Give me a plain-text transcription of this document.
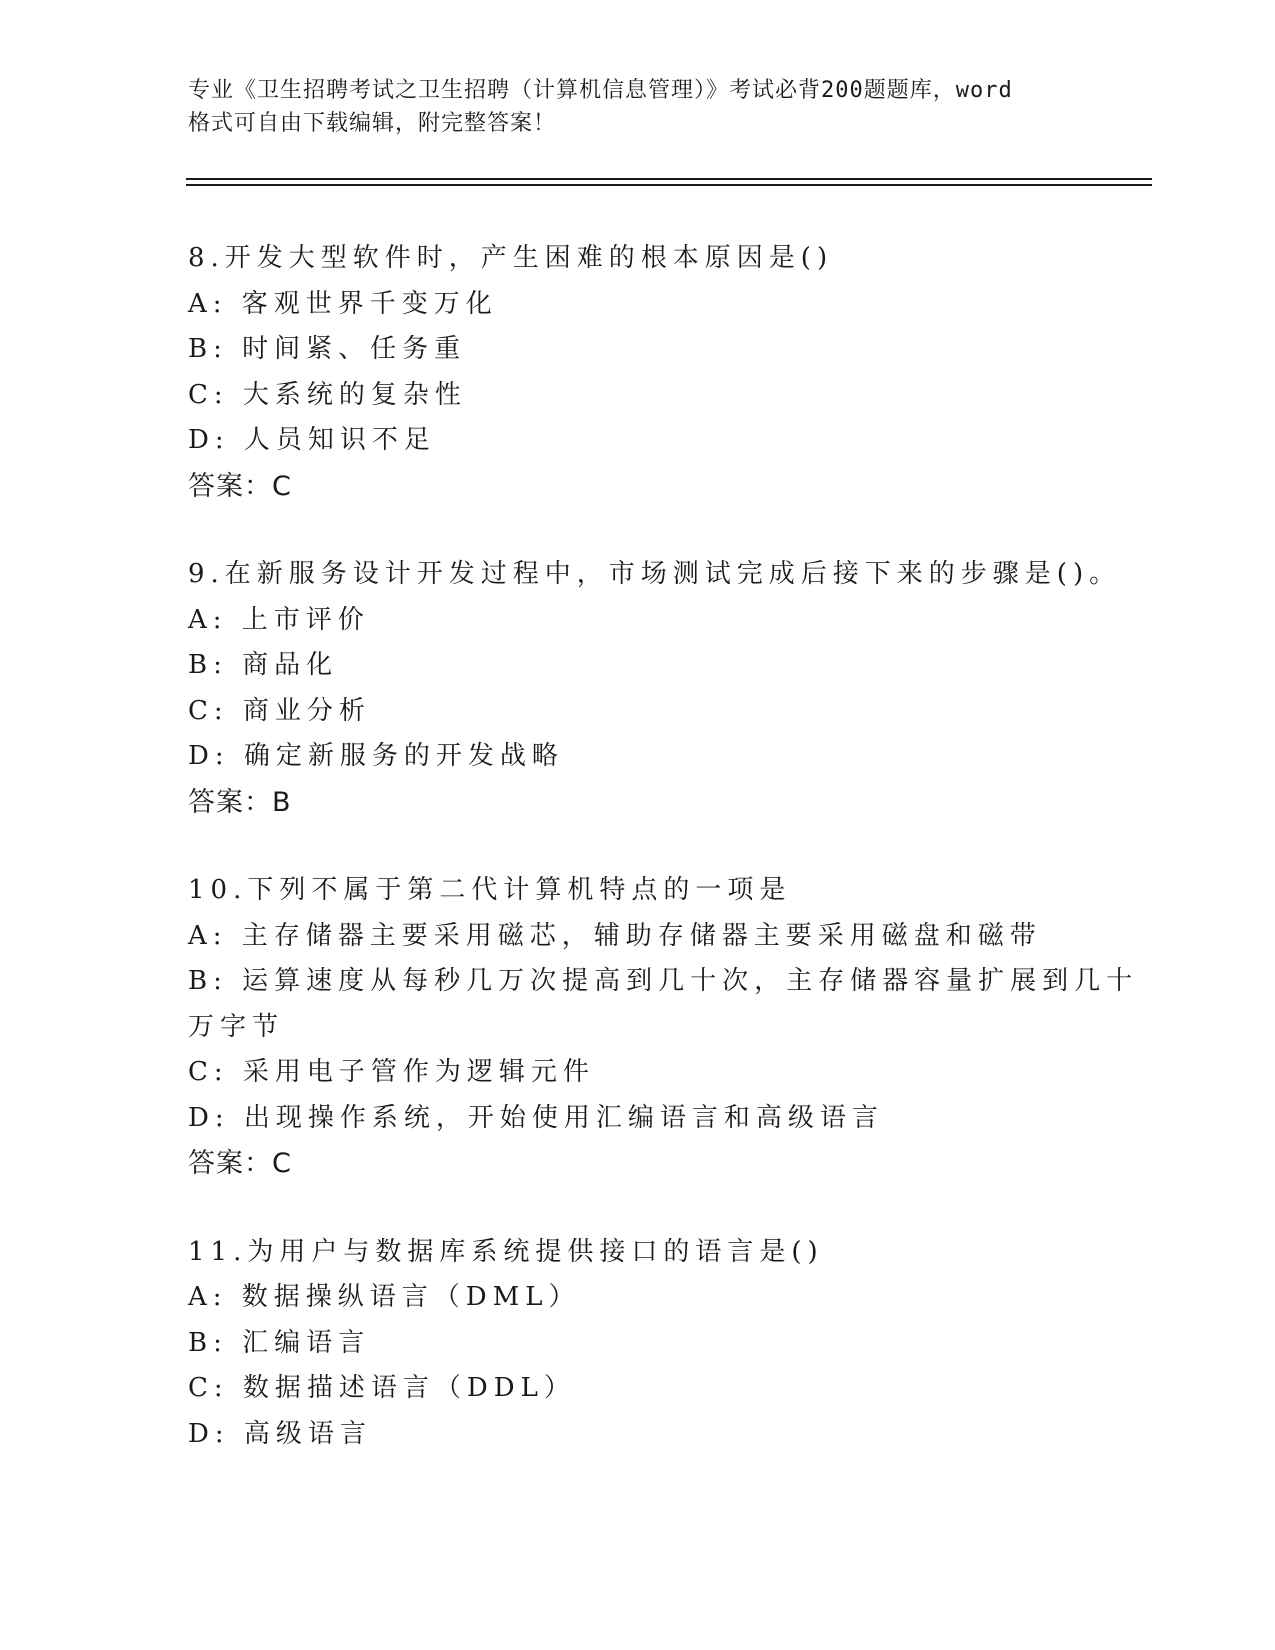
专业《卫生招聘考试之卫生招聘（计算机信息管理）》考试必背200题题库，word
格式可自由下载编辑，附完整答案！
8.开发大型软件时，产生困难的根本原因是()
A: 客观世界千变万化
B: 时间紧、任务重
C: 大系统的复杂性
D: 人员知识不足
答案：C
9.在新服务设计开发过程中，市场测试完成后接下来的步骤是()。
A: 上市评价
B: 商品化
C: 商业分析
D: 确定新服务的开发战略
答案：B
10.下列不属于第二代计算机特点的一项是
A: 主存储器主要采用磁芯，辅助存储器主要采用磁盘和磁带
B: 运算速度从每秒几万次提高到几十次，主存储器容量扩展到几十万字节
C: 采用电子管作为逻辑元件
D: 出现操作系统，开始使用汇编语言和高级语言
答案：C
11.为用户与数据库系统提供接口的语言是()
A: 数据操纵语言（DML）
B: 汇编语言
C: 数据描述语言（DDL）
D: 高级语言
